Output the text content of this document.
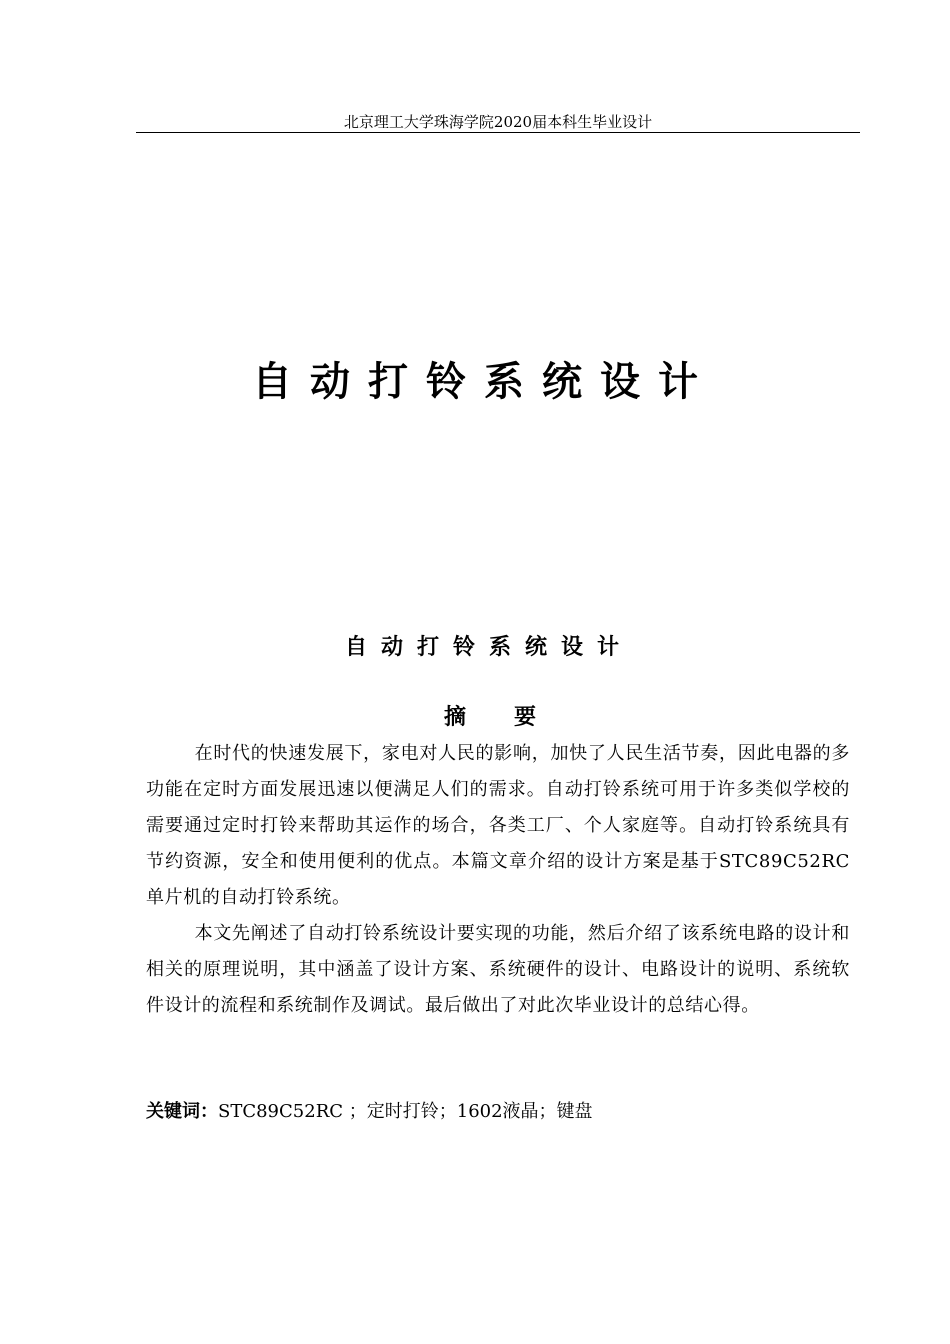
北京理工大学珠海学院2020届本科生毕业设计
自动打铃系统设计
自动打铃系统设计
摘 要

在时代的快速发展下，家电对人民的影响，加快了人民生活节奏，因此电器的多功能在定时方面发展迅速以便满足人们的需求。自动打铃系统可用于许多类似学校的需要通过定时打铃来帮助其运作的场合，各类工厂、个人家庭等。自动打铃系统具有节约资源，安全和使用便利的优点。本篇文章介绍的设计方案是基于STC89C52RC 单片机的自动打铃系统。

本文先阐述了自动打铃系统设计要实现的功能，然后介绍了该系统电路的设计和相关的原理说明，其中涵盖了设计方案、系统硬件的设计、电路设计的说明、系统软件设计的流程和系统制作及调试。最后做出了对此次毕业设计的总结心得。

关键词：STC89C52RC ；定时打铃；1602液晶；键盘
